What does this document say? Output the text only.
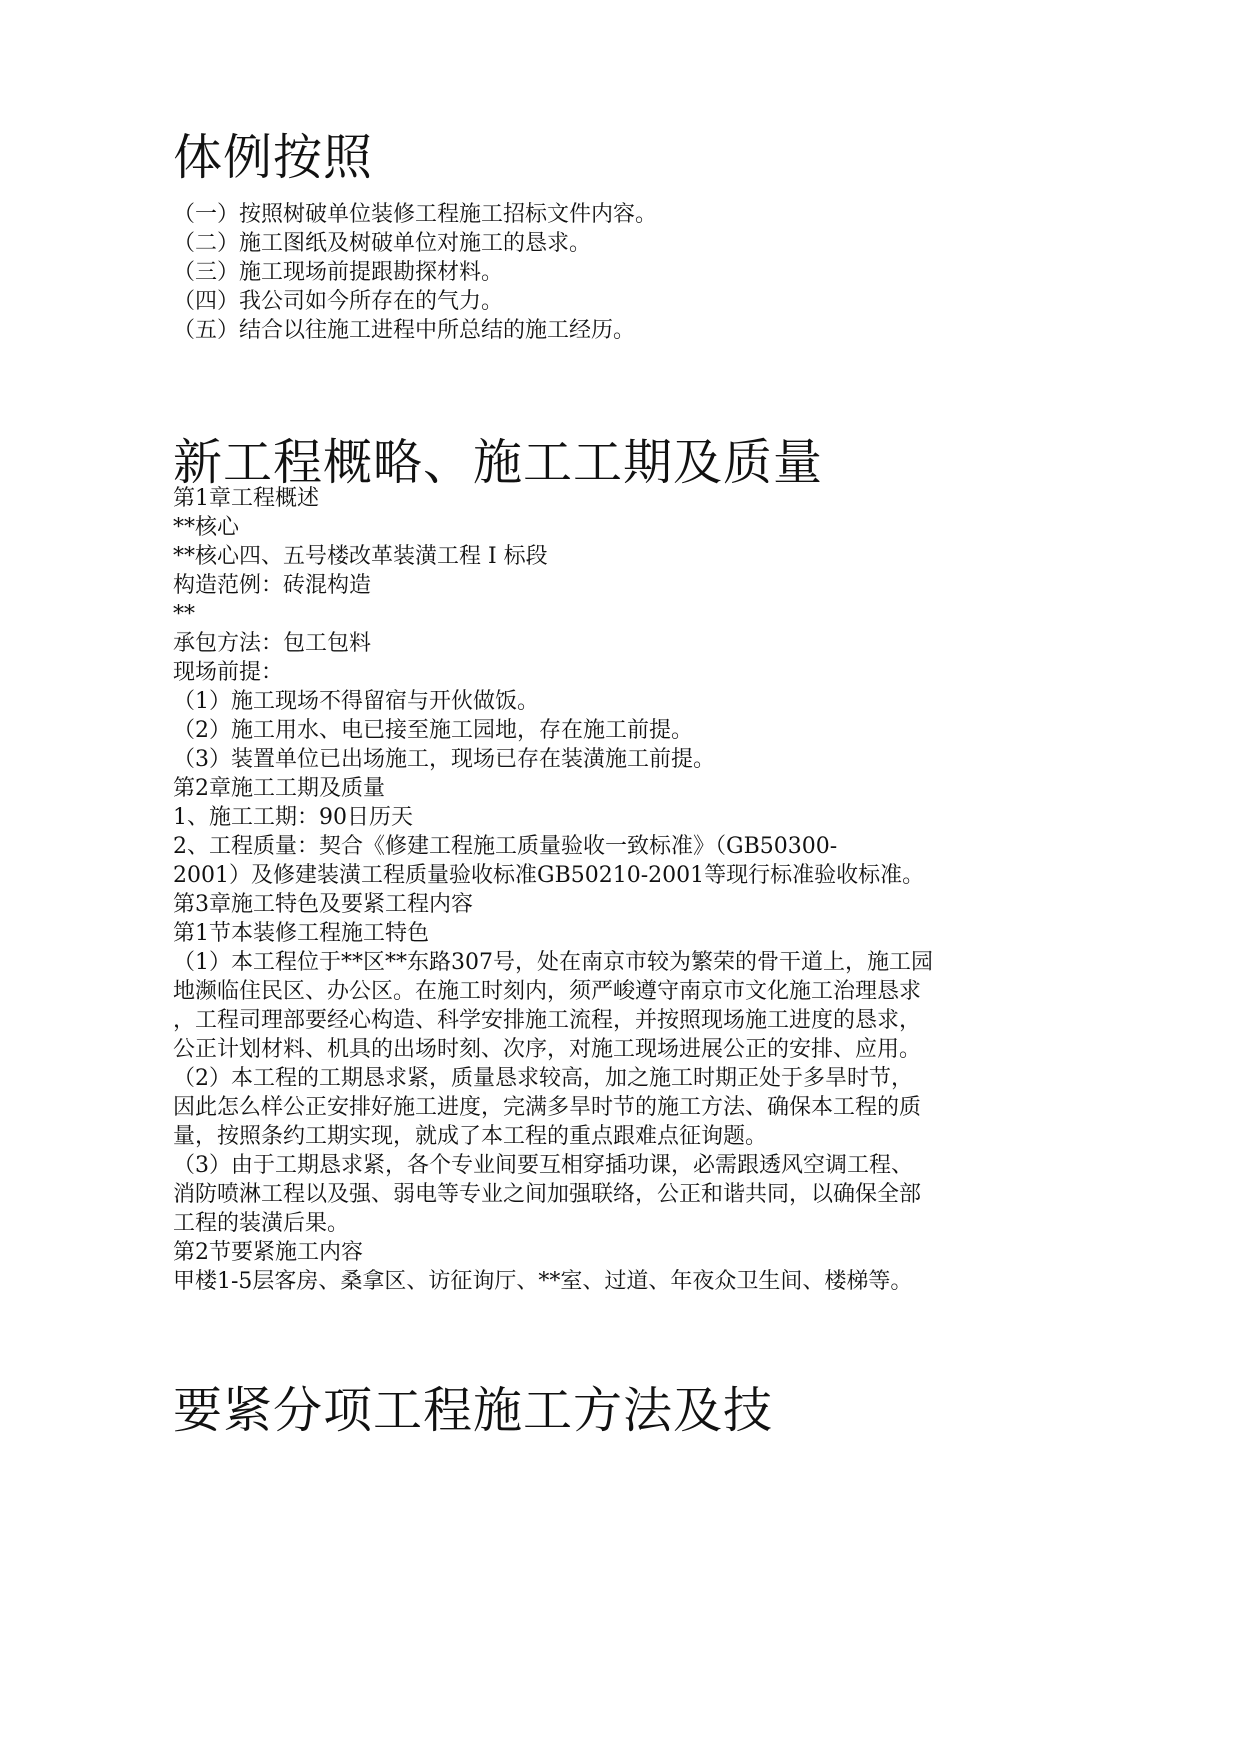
体例按照
（一）按照树破单位装修工程施工招标文件内容。
（二）施工图纸及树破单位对施工的恳求。
（三）施工现场前提跟勘探材料。
（四）我公司如今所存在的气力。
（五）结合以往施工进程中所总结的施工经历。
新工程概略、施工工期及质量
第1章工程概述
**核心
**核心四、五号楼改革装潢工程 I 标段
构造范例：砖混构造
**
承包方法：包工包料
现场前提：
（1）施工现场不得留宿与开伙做饭。
（2）施工用水、电已接至施工园地，存在施工前提。
（3）装置单位已出场施工，现场已存在装潢施工前提。
第2章施工工期及质量
1、施工工期：90日历天
2、工程质量：契合《修建工程施工质量验收一致标准》（GB50300-
2001）及修建装潢工程质量验收标准GB50210-2001等现行标准验收标准。
第3章施工特色及要紧工程内容
第1节本装修工程施工特色
（1）本工程位于**区**东路307号，处在南京市较为繁荣的骨干道上，施工园
地濒临住民区、办公区。在施工时刻内，须严峻遵守南京市文化施工治理恳求
，工程司理部要经心构造、科学安排施工流程，并按照现场施工进度的恳求，
公正计划材料、机具的出场时刻、次序，对施工现场进展公正的安排、应用。
（2）本工程的工期恳求紧，质量恳求较高，加之施工时期正处于多旱时节，
因此怎么样公正安排好施工进度，完满多旱时节的施工方法、确保本工程的质
量，按照条约工期实现，就成了本工程的重点跟难点征询题。
（3）由于工期恳求紧，各个专业间要互相穿插功课，必需跟透风空调工程、
消防喷淋工程以及强、弱电等专业之间加强联络，公正和谐共同，以确保全部
工程的装潢后果。
第2节要紧施工内容
甲楼1-5层客房、桑拿区、访征询厅、**室、过道、年夜众卫生间、楼梯等。
要紧分项工程施工方法及技
